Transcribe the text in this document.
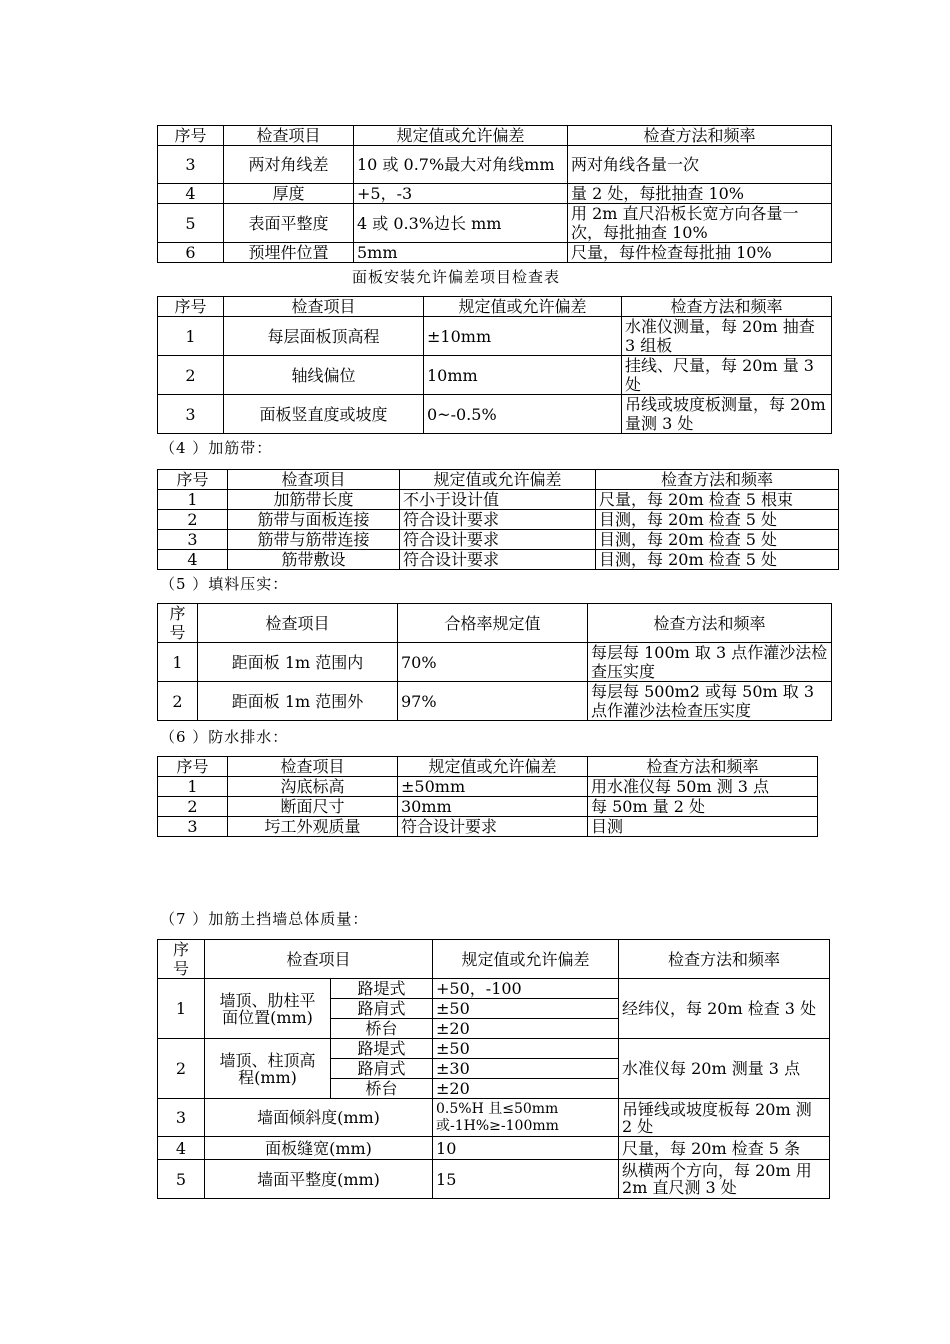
序号	检查项目	规定值或允许偏差	检查方法和频率
3	两对角线差	10 或 0.7%最大对角线mm	两对角线各量一次
4	厚度	+5，-3	量 2 处，每批抽查 10%
5	表面平整度	4 或 0.3%边长 mm	用 2m 直尺沿板长宽方向各量一次，每批抽查 10%
6	预埋件位置	5mm	尺量，每件检查每批抽 10%
面板安装允许偏差项目检查表
序号	检查项目	规定值或允许偏差	检查方法和频率
1	每层面板顶高程	±10mm	水准仪测量，每 20m 抽查 3 组板
2	轴线偏位	10mm	挂线、尺量，每 20m 量 3 处
3	面板竖直度或坡度	0~-0.5%	吊线或坡度板测量，每 20m 量测 3 处
（4 ）加筋带：
序号	检查项目	规定值或允许偏差	检查方法和频率
1	加筋带长度	不小于设计值	尺量，每 20m 检查 5 根束
2	筋带与面板连接	符合设计要求	目测，每 20m 检查 5 处
3	筋带与筋带连接	符合设计要求	目测，每 20m 检查 5 处
4	筋带敷设	符合设计要求	目测，每 20m 检查 5 处
（5 ）填料压实：
序号	检查项目	合格率规定值	检查方法和频率
1	距面板 1m 范围内	70%	每层每 100m 取 3 点作灌沙法检查压实度
2	距面板 1m 范围外	97%	每层每 500m2 或每 50m 取 3 点作灌沙法检查压实度
（6 ）防水排水：
序号	检查项目	规定值或允许偏差	检查方法和频率
1	沟底标高	±50mm	用水准仪每 50m 测 3 点
2	断面尺寸	30mm	每 50m 量 2 处
3	圬工外观质量	符合设计要求	目测
（7 ）加筋土挡墙总体质量：
序号	检查项目		规定值或允许偏差	检查方法和频率
1	墙顶、肋柱平面位置(mm)	路堤式	+50，-100	经纬仪，每 20m 检查 3 处
		路肩式	±50	
		桥台	±20	
2	墙顶、柱顶高程(mm)	路堤式	±50	水准仪每 20m 测量 3 点
		路肩式	±30	
		桥台	±20	
3	墙面倾斜度(mm)		0.5%H 且≤50mm或-1H%≥-100mm	吊锤线或坡度板每 20m 测 2 处
4	面板缝宽(mm)		10	尺量，每 20m 检查 5 条
5	墙面平整度(mm)		15	纵横两个方向，每 20m 用 2m 直尺测 3 处
